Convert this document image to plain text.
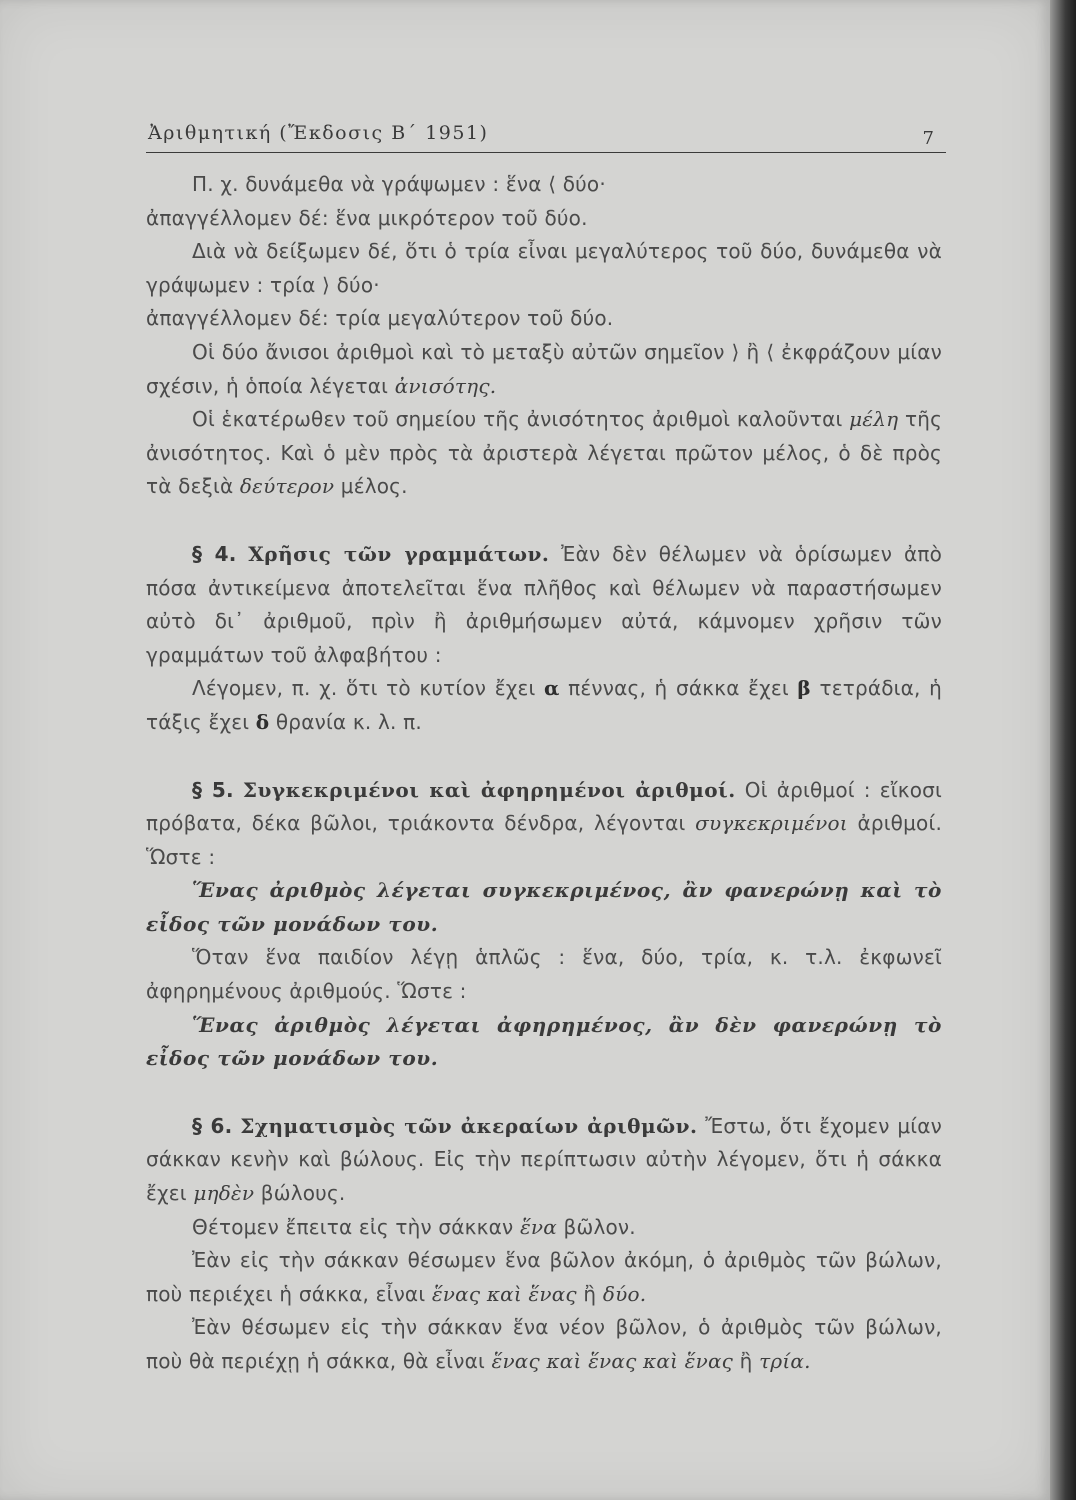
Ἀριθμητική (Ἔκδοσις Β΄ 1951)	7

Π. χ. δυνάμεθα νὰ γράψωμεν : ἕνα ⟨ δύο·

ἀπαγγέλλομεν δέ: ἕνα μικρότερον τοῦ δύο.

Διὰ νὰ δείξωμεν δέ, ὅτι ὁ τρία εἶναι μεγαλύτερος τοῦ δύο, δυνάμεθα νὰ γράψωμεν : τρία ⟩ δύο·

ἀπαγγέλλομεν δέ: τρία μεγαλύτερον τοῦ δύο.

Οἱ δύο ἄνισοι ἀριθμοὶ καὶ τὸ μεταξὺ αὐτῶν σημεῖον ⟩ ἢ ⟨ ἐκφράζουν μίαν σχέσιν, ἡ ὁποία λέγεται ἀνισότης.

Οἱ ἑκατέρωθεν τοῦ σημείου τῆς ἀνισότητος ἀριθμοὶ καλοῦνται μέλη τῆς ἀνισότητος. Καὶ ὁ μὲν πρὸς τὰ ἀριστερὰ λέγεται πρῶτον μέλος, ὁ δὲ πρὸς τὰ δεξιὰ δεύτερον μέλος.

§ 4. Χρῆσις τῶν γραμμάτων. Ἐὰν δὲν θέλωμεν νὰ ὁρίσωμεν ἀπὸ πόσα ἀντικείμενα ἀποτελεῖται ἕνα πλῆθος καὶ θέλωμεν νὰ παραστήσωμεν αὐτὸ δι᾽ ἀριθμοῦ, πρὶν ἢ ἀριθμήσωμεν αὐτά, κάμνομεν χρῆσιν τῶν γραμμάτων τοῦ ἀλφαβήτου :

Λέγομεν, π. χ. ὅτι τὸ κυτίον ἔχει α πέννας, ἡ σάκκα ἔχει β τετράδια, ἡ τάξις ἔχει δ θρανία κ. λ. π.

§ 5. Συγκεκριμένοι καὶ ἀφηρημένοι ἀριθμοί. Οἱ ἀριθμοί : εἴκοσι πρόβατα, δέκα βῶλοι, τριάκοντα δένδρα, λέγονται συγκεκριμένοι ἀριθμοί. Ὥστε :

Ἕνας ἀριθμὸς λέγεται συγκεκριμένος, ἂν φανερώνῃ καὶ τὸ εἶδος τῶν μονάδων του.

Ὅταν ἕνα παιδίον λέγῃ ἁπλῶς : ἕνα, δύο, τρία, κ. τ.λ. ἐκφωνεῖ ἀφηρημένους ἀριθμούς. Ὥστε :

Ἕνας ἀριθμὸς λέγεται ἀφηρημένος, ἂν δὲν φανερώνῃ τὸ εἶδος τῶν μονάδων του.

§ 6. Σχηματισμὸς τῶν ἀκεραίων ἀριθμῶν. Ἔστω, ὅτι ἔχομεν μίαν σάκκαν κενὴν καὶ βώλους. Εἰς τὴν περίπτωσιν αὐτὴν λέγομεν, ὅτι ἡ σάκκα ἔχει μηδὲν βώλους.

Θέτομεν ἔπειτα εἰς τὴν σάκκαν ἕνα βῶλον.

Ἐὰν εἰς τὴν σάκκαν θέσωμεν ἕνα βῶλον ἀκόμη, ὁ ἀριθμὸς τῶν βώλων, ποὺ περιέχει ἡ σάκκα, εἶναι ἕνας καὶ ἕνας ἢ δύο.

Ἐὰν θέσωμεν εἰς τὴν σάκκαν ἕνα νέον βῶλον, ὁ ἀριθμὸς τῶν βώλων, ποὺ θὰ περιέχῃ ἡ σάκκα, θὰ εἶναι ἕνας καὶ ἕνας καὶ ἕνας ἢ τρία.
